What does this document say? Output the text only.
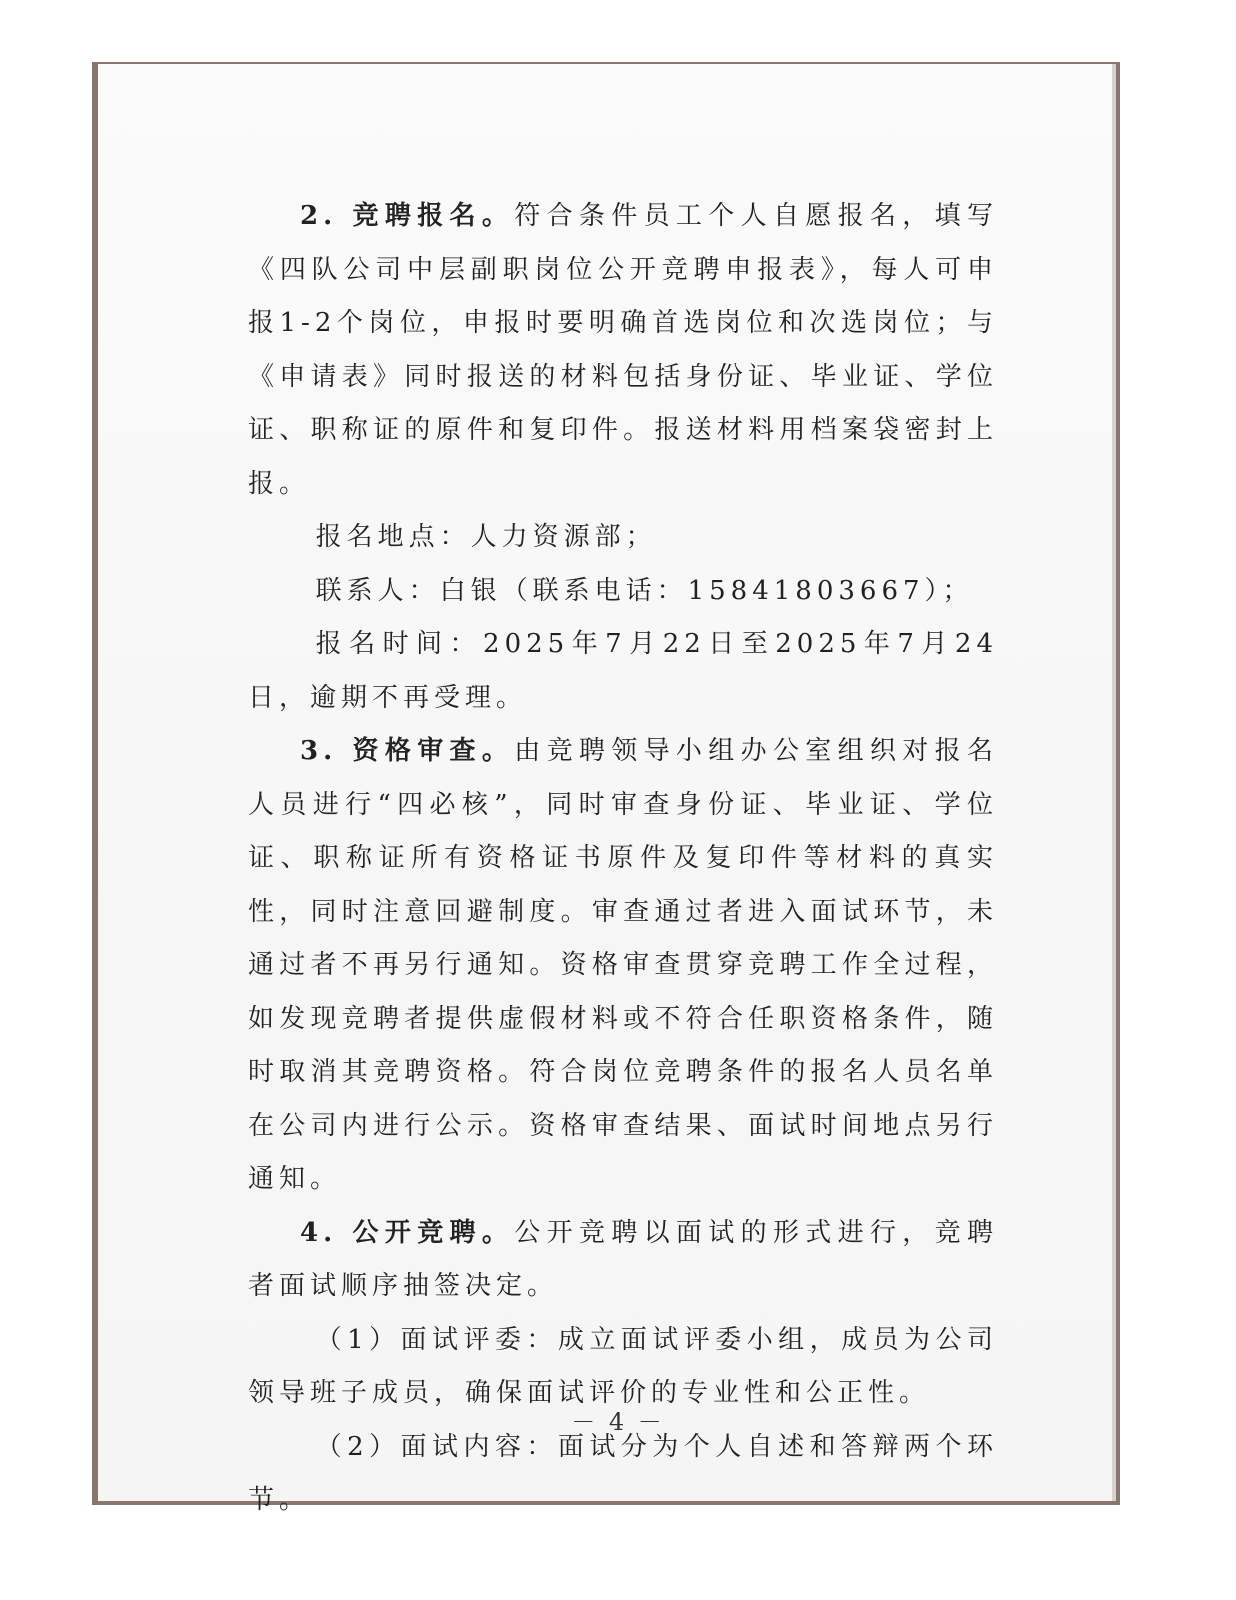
2. 竞聘报名。符合条件员工个人自愿报名，填写《四队公司中层副职岗位公开竞聘申报表》，每人可申报1-2个岗位，申报时要明确首选岗位和次选岗位；与《申请表》同时报送的材料包括身份证、毕业证、学位证、职称证的原件和复印件。报送材料用档案袋密封上报。

报名地点：人力资源部；

联系人：白银（联系电话：15841803667）；

报名时间：2025年7月22日至2025年7月24日，逾期不再受理。

3. 资格审查。由竞聘领导小组办公室组织对报名人员进行“四必核”，同时审查身份证、毕业证、学位证、职称证所有资格证书原件及复印件等材料的真实性，同时注意回避制度。审查通过者进入面试环节，未通过者不再另行通知。资格审查贯穿竞聘工作全过程，如发现竞聘者提供虚假材料或不符合任职资格条件，随时取消其竞聘资格。符合岗位竞聘条件的报名人员名单在公司内进行公示。资格审查结果、面试时间地点另行通知。

4. 公开竞聘。公开竞聘以面试的形式进行，竞聘者面试顺序抽签决定。

（1）面试评委：成立面试评委小组，成员为公司领导班子成员，确保面试评价的专业性和公正性。

（2）面试内容：面试分为个人自述和答辩两个环节。

－ 4 －
